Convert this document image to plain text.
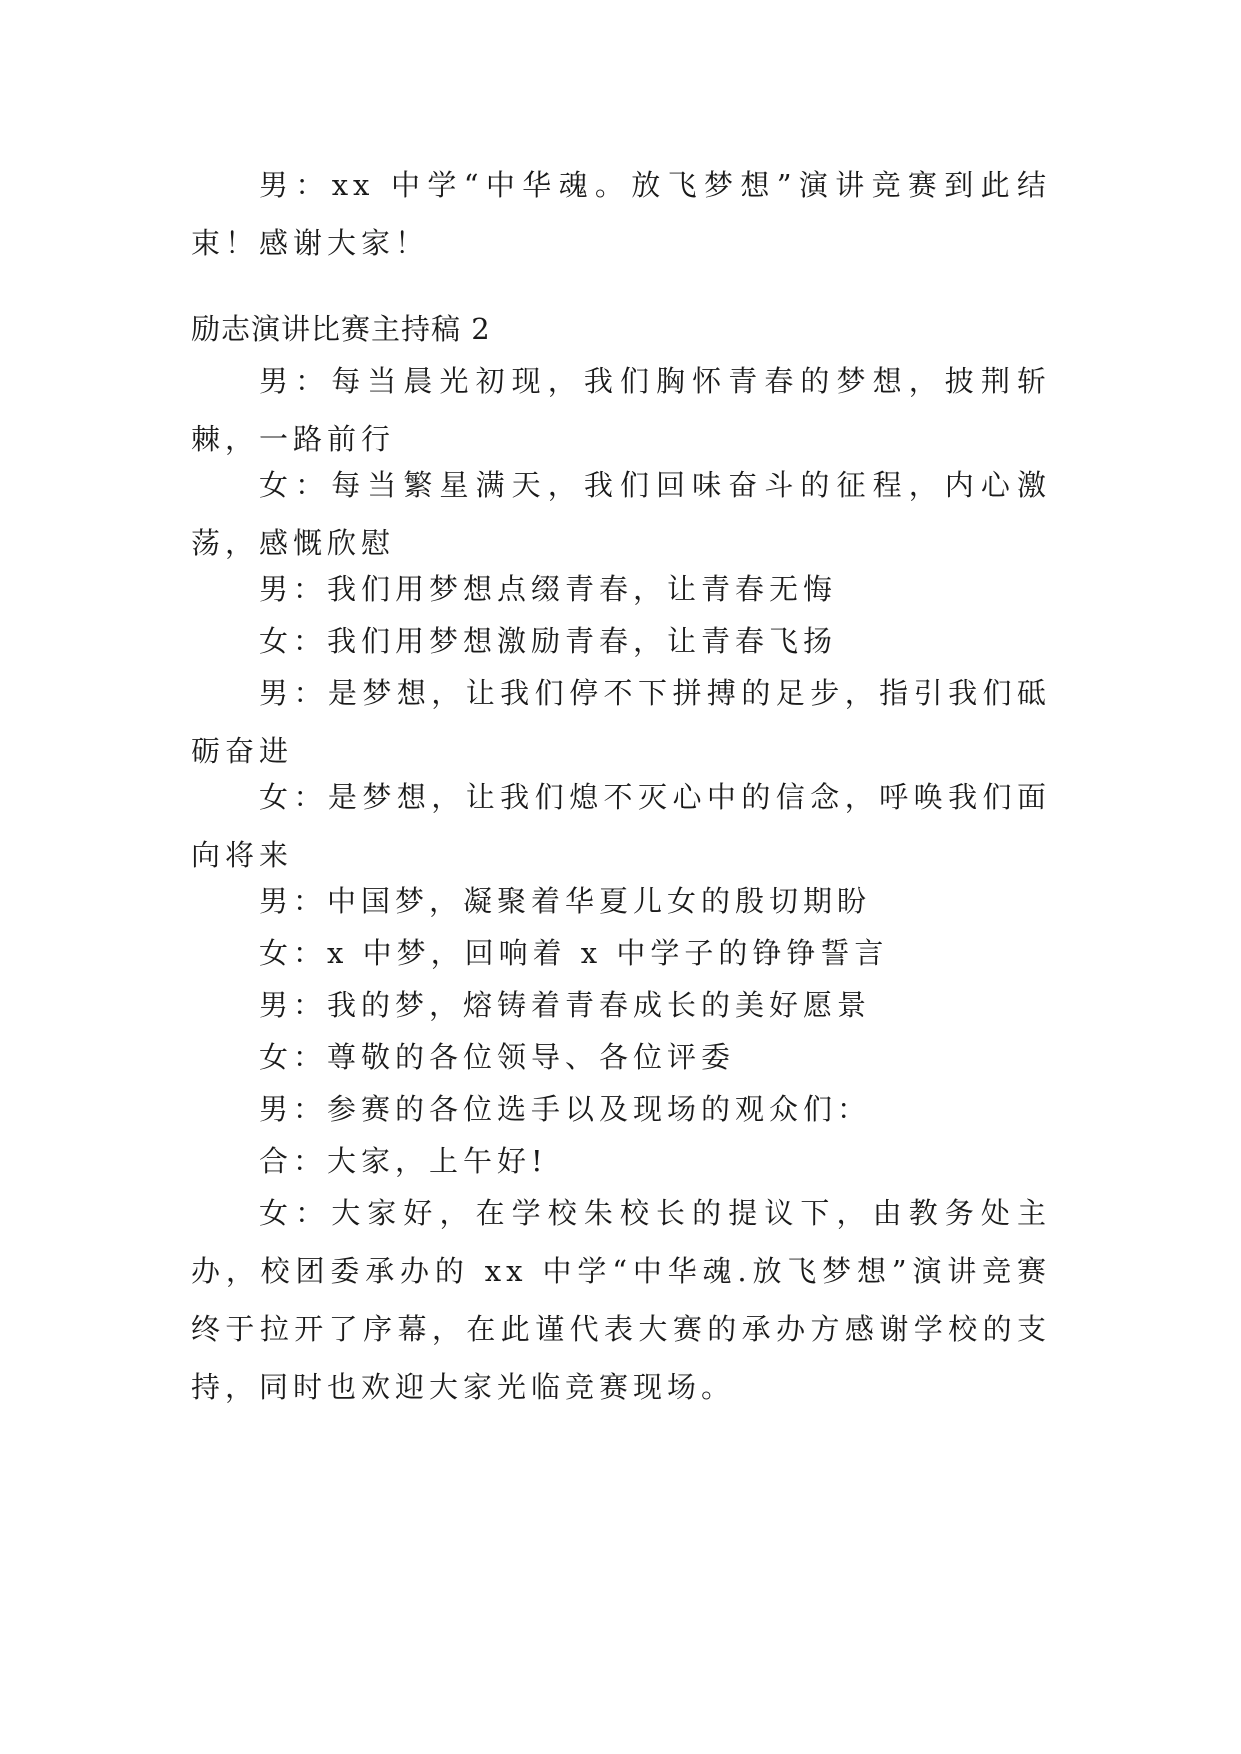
男：xx 中学“中华魂。放飞梦想”演讲竞赛到此结束！感谢大家！

励志演讲比赛主持稿 2

男：每当晨光初现，我们胸怀青春的梦想，披荆斩棘，一路前行

女：每当繁星满天，我们回味奋斗的征程，内心激荡，感慨欣慰

男：我们用梦想点缀青春，让青春无悔

女：我们用梦想激励青春，让青春飞扬

男：是梦想，让我们停不下拼搏的足步，指引我们砥砺奋进

女：是梦想，让我们熄不灭心中的信念，呼唤我们面向将来

男：中国梦，凝聚着华夏儿女的殷切期盼

女：x 中梦，回响着 x 中学子的铮铮誓言

男：我的梦，熔铸着青春成长的美好愿景

女：尊敬的各位领导、各位评委

男：参赛的各位选手以及现场的观众们：

合：大家，上午好!

女：大家好，在学校朱校长的提议下，由教务处主办，校团委承办的 xx 中学“中华魂.放飞梦想”演讲竞赛终于拉开了序幕，在此谨代表大赛的承办方感谢学校的支持，同时也欢迎大家光临竞赛现场。
